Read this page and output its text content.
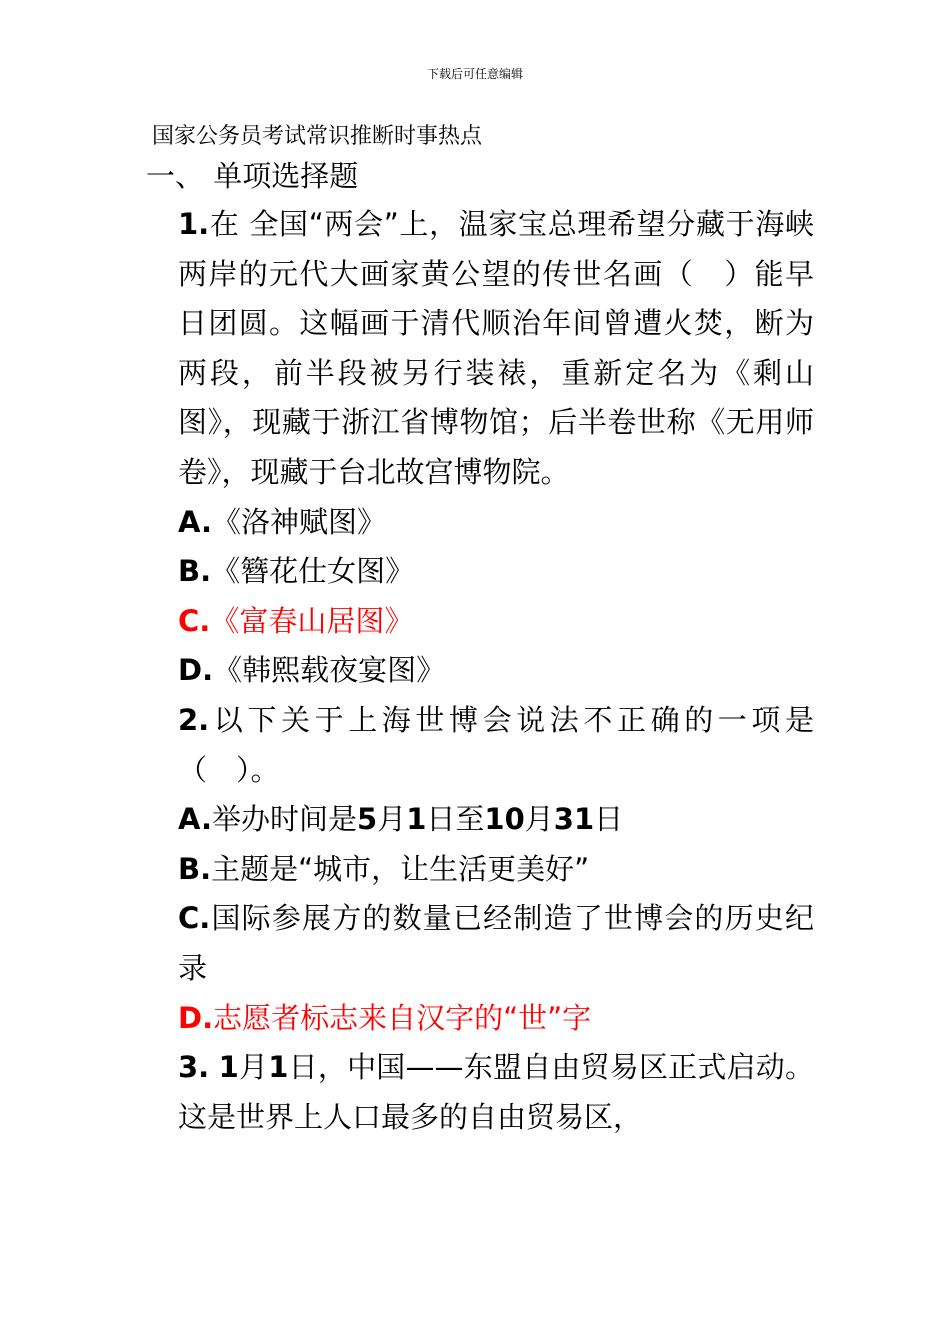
下载后可任意编辑
国家公务员考试常识推断时事热点
一、 单项选择题

1.在 全国“两会”上，温家宝总理希望分藏于海峡两岸的元代大画家黄公望的传世名画（　）能早日团圆。这幅画于清代顺治年间曾遭火焚，断为两段，前半段被另行装裱，重新定名为《剩山图》，现藏于浙江省博物馆；后半卷世称《无用师卷》，现藏于台北故宫博物院。

A.《洛神赋图》

B.《簪花仕女图》

C.《富春山居图》

D.《韩熙载夜宴图》

2.以下关于上海世博会说法不正确的一项是（　）。

A.举办时间是5月1日至10月31日

B.主题是“城市，让生活更美好”

C.国际参展方的数量已经制造了世博会的历史纪录

D.志愿者标志来自汉字的“世”字

3. 1月1日，中国——东盟自由贸易区正式启动。这是世界上人口最多的自由贸易区，
